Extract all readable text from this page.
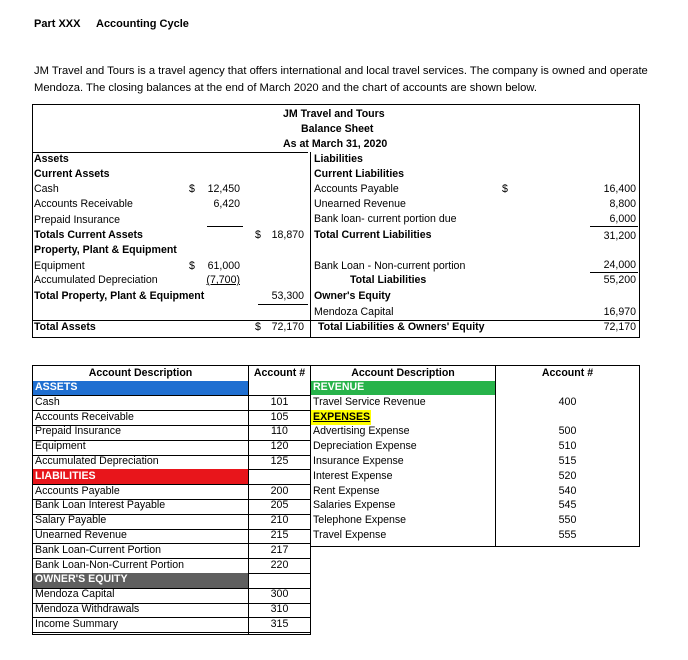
Part XXX Accounting Cycle
JM Travel and Tours is a travel agency that offers international and local travel services. The company is owned and operate
Mendoza. The closing balances at the end of March 2020 and the chart of accounts are shown below.
JM Travel and Tours
Balance Sheet
As at March 31, 2020
Assets
Current Assets
Cash	$	12,450
Accounts Receivable	6,420
Prepaid Insurance
Totals Current Assets	$	18,870
Property, Plant & Equipment
Equipment	$	61,000
Accumulated Depreciation	(7,700)
Total Property, Plant & Equipment	53,300
Total Assets	$	72,170
Liabilities
Current Liabilities
Accounts Payable	$	16,400
Unearned Revenue	8,800
Bank loan- current portion due	6,000
Total Current Liabilities	31,200
Bank Loan - Non-current portion	24,000
Total Liabilities	55,200
Owner's Equity
Mendoza Capital	16,970
Total Liabilities & Owners' Equity	72,170
Account Description	Account #	Account Description	Account #
ASSETS
Cash	101
Accounts Receivable	105
Prepaid Insurance	110
Equipment	120
Accumulated Depreciation	125
LIABILITIES
Accounts Payable	200
Bank Loan Interest Payable	205
Salary Payable	210
Unearned Revenue	215
Bank Loan-Current Portion	217
Bank Loan-Non-Current Portion	220
OWNER'S EQUITY
Mendoza Capital	300
Mendoza Withdrawals	310
Income Summary	315
REVENUE
Travel Service Revenue	400
EXPENSES
Advertising Expense	500
Depreciation Expense	510
Insurance Expense	515
Interest Expense	520
Rent Expense	540
Salaries Expense	545
Telephone Expense	550
Travel Expense	555
